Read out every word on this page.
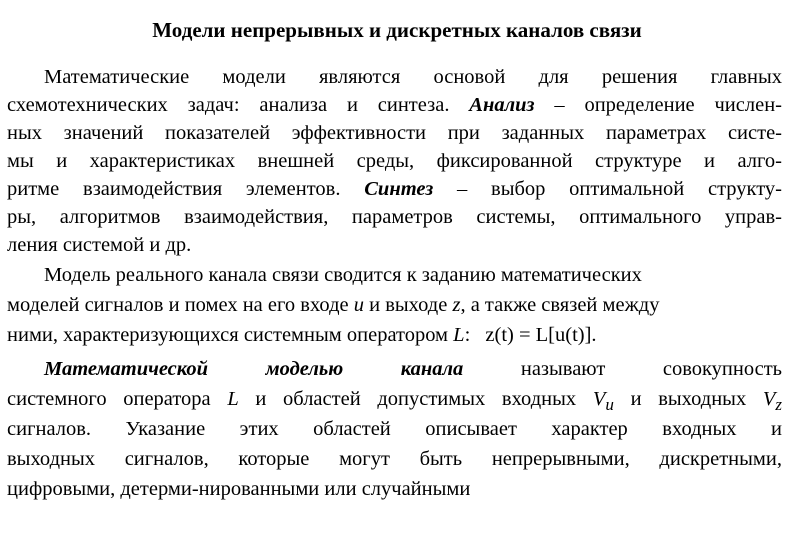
Модели непрерывных и дискретных каналов связи
Математические модели являются основой для решения главных
схемотехнических задач: анализа и синтеза. Анализ – определение числен-
ных значений показателей эффективности при заданных параметрах систе-
мы и характеристиках внешней среды, фиксированной структуре и алго-
ритме взаимодействия элементов. Синтез – выбор оптимальной структу-
ры, алгоритмов взаимодействия, параметров системы, оптимального управ-
ления системой и др.
Модель реального канала связи сводится к заданию математических
моделей сигналов и помех на его входе u и выходе z, а также связей между
ними, характеризующихся системным оператором L: z(t) = L[u(t)].
Математической	моделью	канала	называют	совокупность
системного оператора L и областей допустимых входных $V_u$ и выходных $V_z$
сигналов. Указание этих областей описывает характер входных и
выходных сигналов, которые могут быть непрерывными, дискретными,
цифровыми, детерми-нированными или случайными
